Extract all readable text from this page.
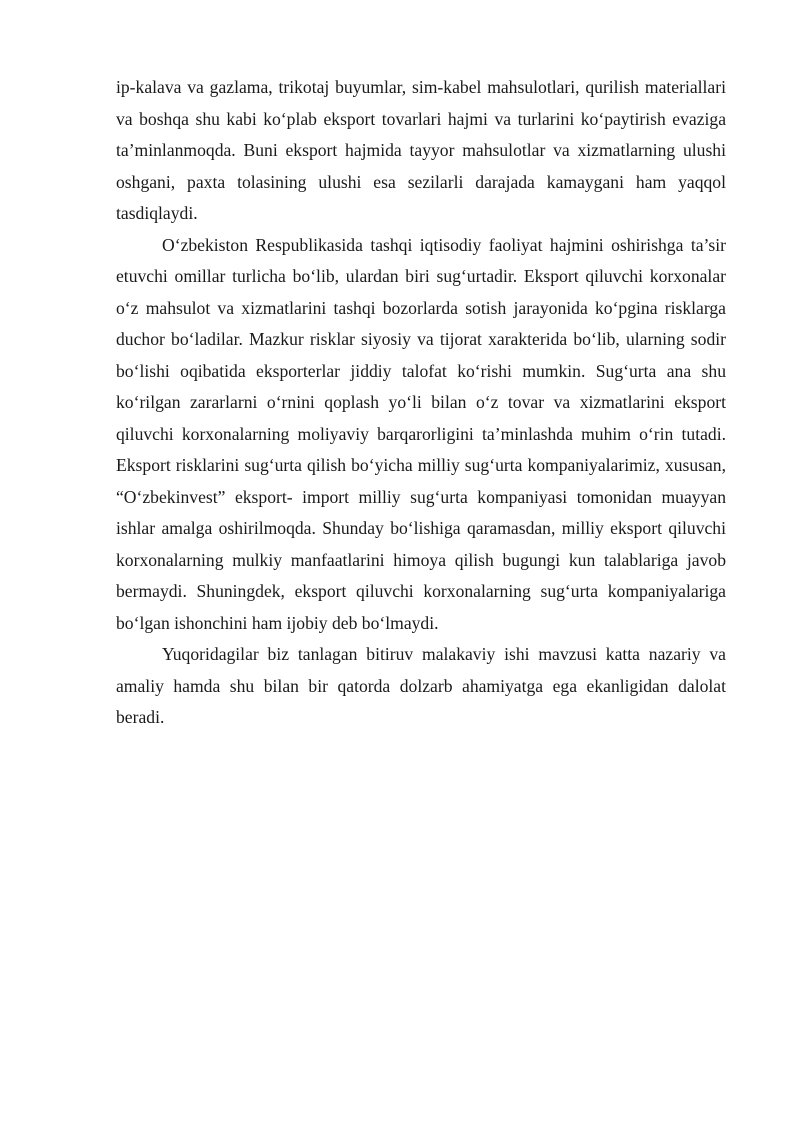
ip-kalava va gazlama, trikotaj buyumlar, sim-kabel mahsulotlari, qurilish materiallari va boshqa shu kabi ko‘plab eksport tovarlari hajmi va turlarini ko‘paytirish evaziga ta’minlanmoqda. Buni eksport hajmida tayyor mahsulotlar va xizmatlarning ulushi oshgani, paxta tolasining ulushi esa sezilarli darajada kamaygani ham yaqqol tasdiqlaydi.

O‘zbekiston Respublikasida tashqi iqtisodiy faoliyat hajmini oshirishga ta’sir etuvchi omillar turlicha bo‘lib, ulardan biri sug‘urtadir. Eksport qiluvchi korxonalar o‘z mahsulot va xizmatlarini tashqi bozorlarda sotish jarayonida ko‘pgina risklarga duchor bo‘ladilar. Mazkur risklar siyosiy va tijorat xarakterida bo‘lib, ularning sodir bo‘lishi oqibatida eksporterlar jiddiy talofat ko‘rishi mumkin. Sug‘urta ana shu ko‘rilgan zararlarni o‘rnini qoplash yo‘li bilan o‘z tovar va xizmatlarini eksport qiluvchi korxonalarning moliyaviy barqarorligini ta’minlashda muhim o‘rin tutadi. Eksport risklarini sug‘urta qilish bo‘yicha milliy sug‘urta kompaniyalarimiz, xususan, “O‘zbekinvest” eksport- import milliy sug‘urta kompaniyasi tomonidan muayyan ishlar amalga oshirilmoqda. Shunday bo‘lishiga qaramasdan, milliy eksport qiluvchi korxonalarning mulkiy manfaatlarini himoya qilish bugungi kun talablariga javob bermaydi. Shuningdek, eksport qiluvchi korxonalarning sug‘urta kompaniyalariga bo‘lgan ishonchini ham ijobiy deb bo‘lmaydi.

Yuqoridagilar biz tanlagan bitiruv malakaviy ishi mavzusi katta nazariy va amaliy hamda shu bilan bir qatorda dolzarb ahamiyatga ega ekanligidan dalolat beradi.
